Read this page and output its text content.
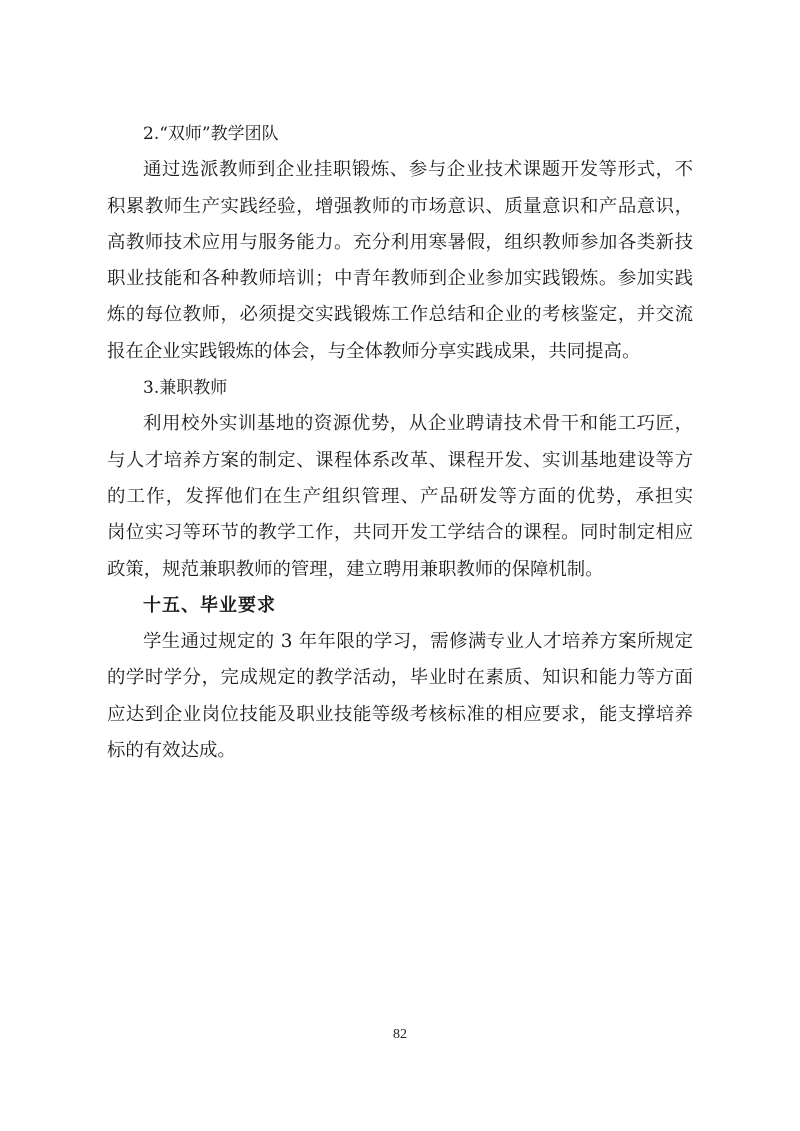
2.“双师”教学团队
通过选派教师到企业挂职锻炼、参与企业技术课题开发等形式，不
积累教师生产实践经验，增强教师的市场意识、质量意识和产品意识，
高教师技术应用与服务能力。充分利用寒暑假，组织教师参加各类新技
职业技能和各种教师培训；中青年教师到企业参加实践锻炼。参加实践
炼的每位教师，必须提交实践锻炼工作总结和企业的考核鉴定，并交流
报在企业实践锻炼的体会，与全体教师分享实践成果，共同提高。
3.兼职教师
利用校外实训基地的资源优势，从企业聘请技术骨干和能工巧匠，
与人才培养方案的制定、课程体系改革、课程开发、实训基地建设等方
的工作，发挥他们在生产组织管理、产品研发等方面的优势，承担实
岗位实习等环节的教学工作，共同开发工学结合的课程。同时制定相应
政策，规范兼职教师的管理，建立聘用兼职教师的保障机制。
十五、毕业要求
学生通过规定的 3 年年限的学习，需修满专业人才培养方案所规定
的学时学分，完成规定的教学活动，毕业时在素质、知识和能力等方面
应达到企业岗位技能及职业技能等级考核标准的相应要求，能支撑培养
标的有效达成。
82
